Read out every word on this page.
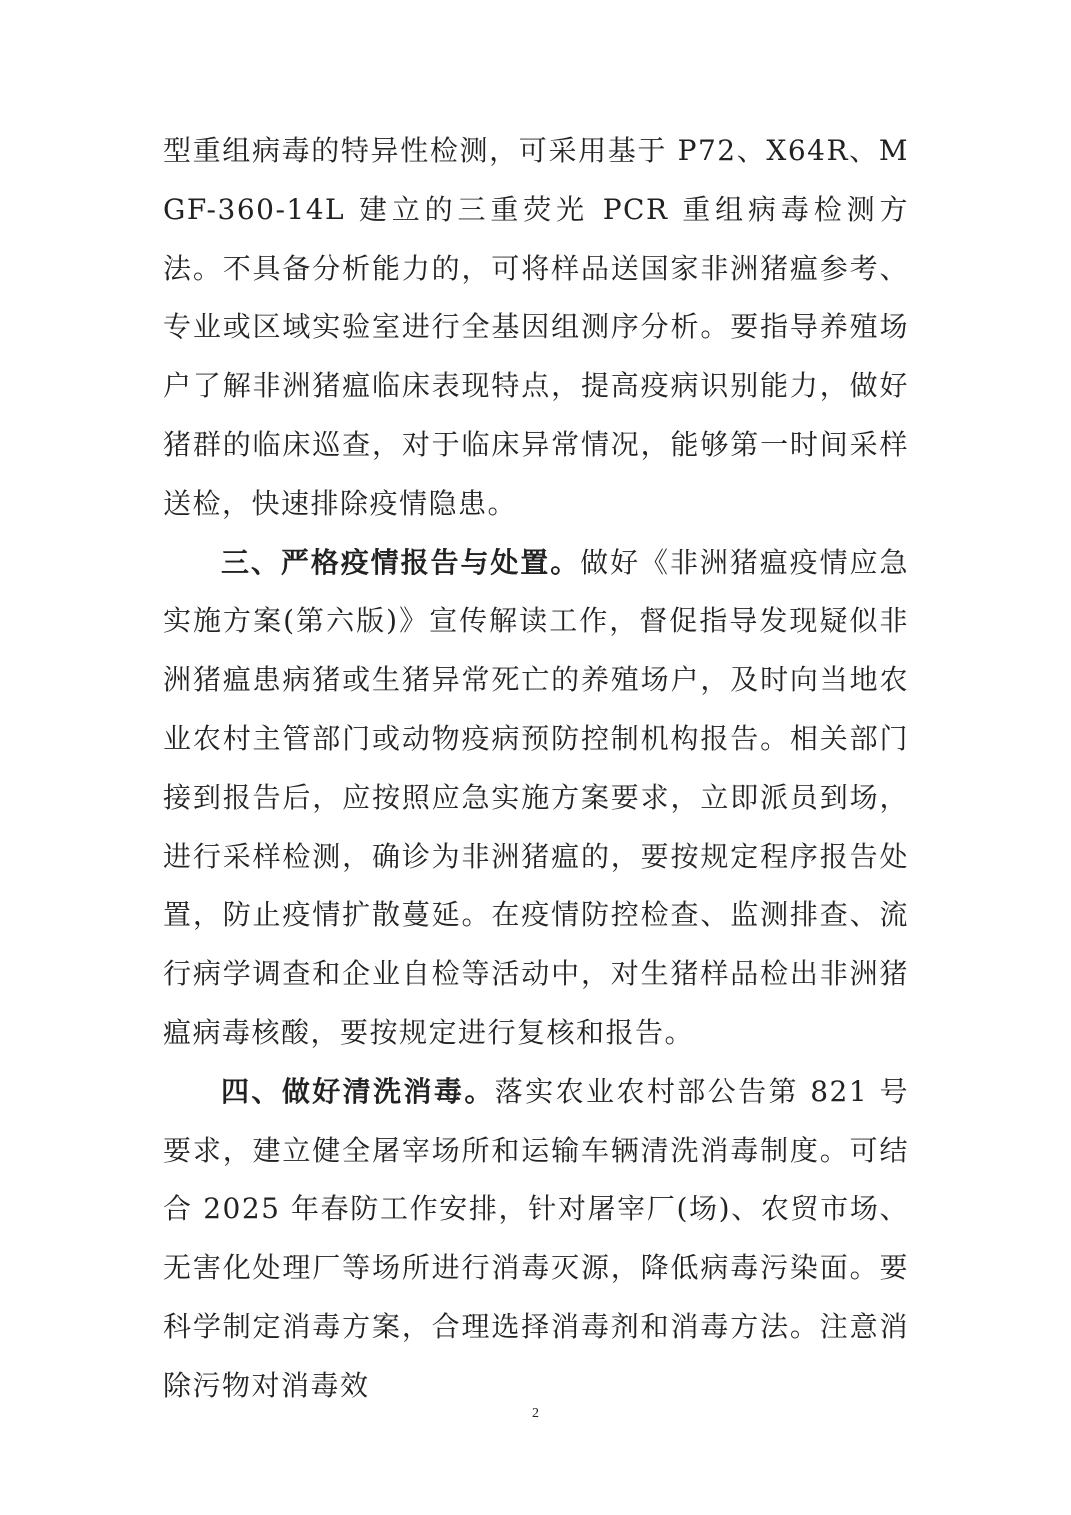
型重组病毒的特异性检测，可采用基于 P72、X64R、MGF-360-14L 建立的三重荧光 PCR 重组病毒检测方法。不具备分析能力的，可将样品送国家非洲猪瘟参考、专业或区域实验室进行全基因组测序分析。要指导养殖场户了解非洲猪瘟临床表现特点，提高疫病识别能力，做好猪群的临床巡查，对于临床异常情况，能够第一时间采样送检，快速排除疫情隐患。

三、严格疫情报告与处置。做好《非洲猪瘟疫情应急实施方案(第六版)》宣传解读工作，督促指导发现疑似非洲猪瘟患病猪或生猪异常死亡的养殖场户，及时向当地农业农村主管部门或动物疫病预防控制机构报告。相关部门接到报告后，应按照应急实施方案要求，立即派员到场，进行采样检测，确诊为非洲猪瘟的，要按规定程序报告处置，防止疫情扩散蔓延。在疫情防控检查、监测排查、流行病学调查和企业自检等活动中，对生猪样品检出非洲猪瘟病毒核酸，要按规定进行复核和报告。

四、做好清洗消毒。落实农业农村部公告第 821 号要求，建立健全屠宰场所和运输车辆清洗消毒制度。可结合 2025 年春防工作安排，针对屠宰厂(场)、农贸市场、无害化处理厂等场所进行消毒灭源，降低病毒污染面。要科学制定消毒方案，合理选择消毒剂和消毒方法。注意消除污物对消毒效

2
